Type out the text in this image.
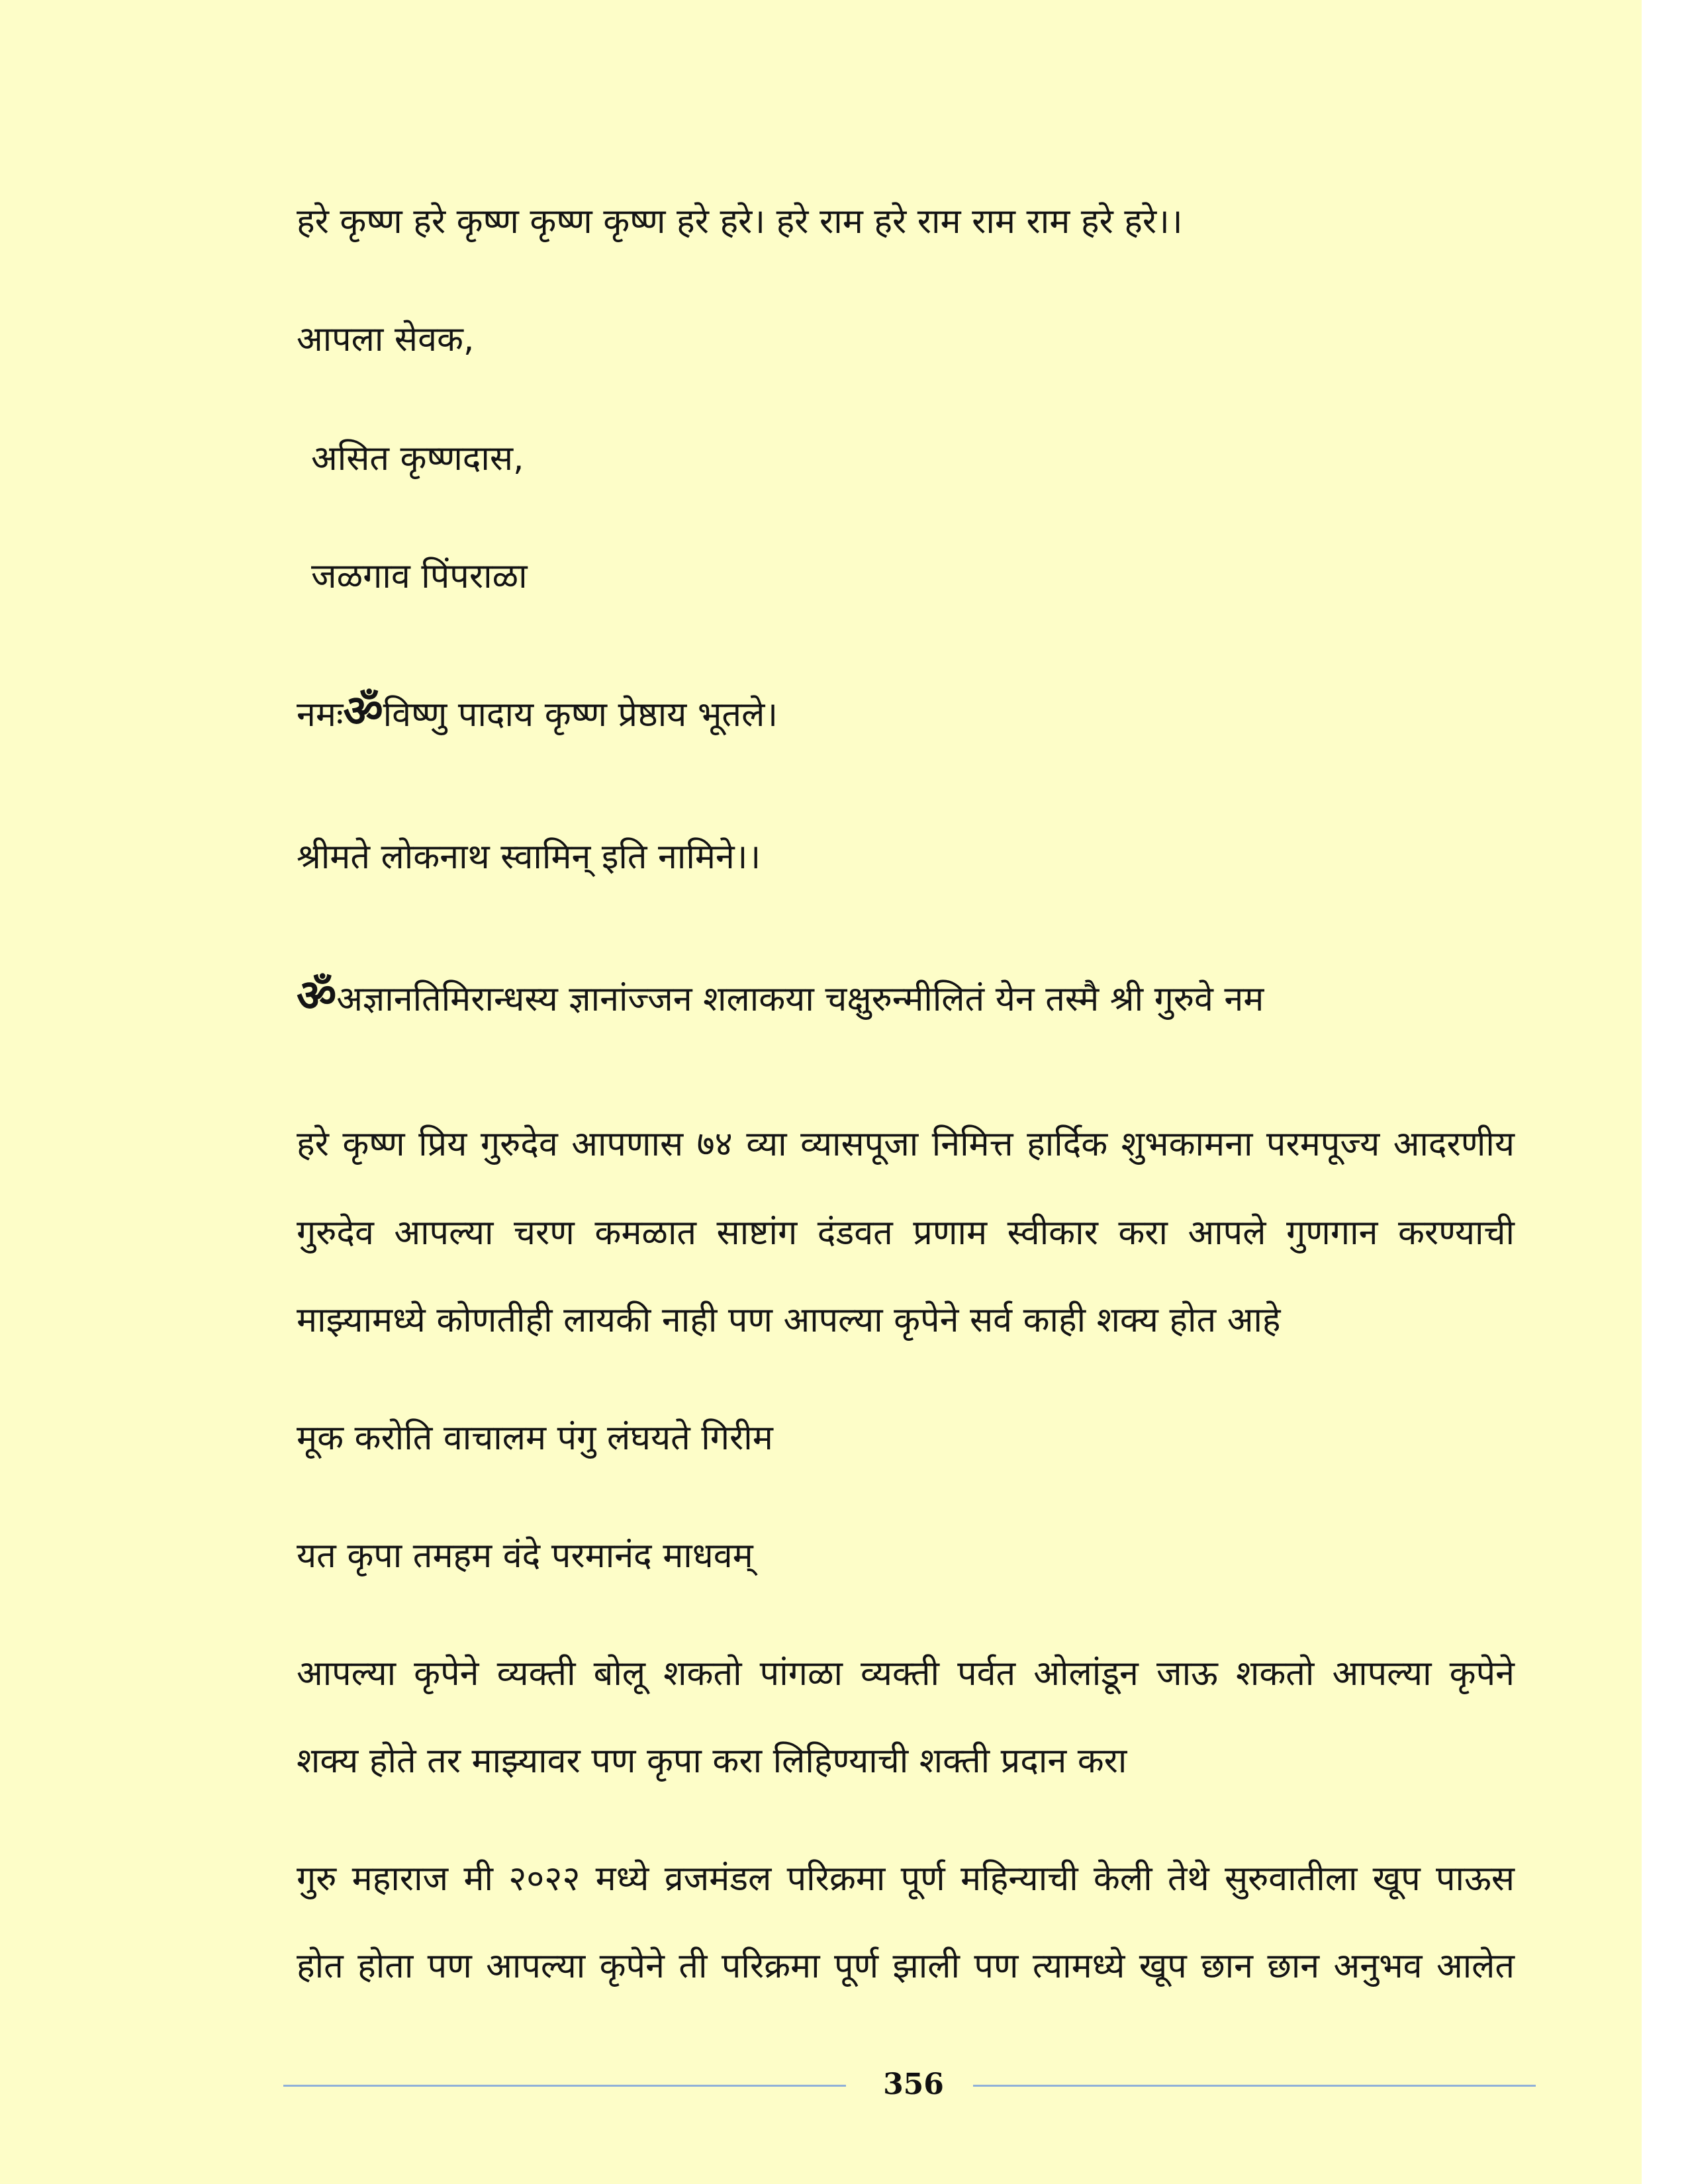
हरे कृष्ण हरे कृष्ण कृष्ण कृष्ण हरे हरे। हरे राम हरे राम राम राम हरे हरे।।
आपला सेवक,
असित कृष्णदास,
जळगाव पिंपराळा
नमःॐविष्णु पादाय कृष्ण प्रेष्ठाय भूतले।
श्रीमते लोकनाथ स्वामिन् इति नामिने।।
ॐअज्ञानतिमिरान्धस्य ज्ञानांज्जन शलाकया चक्षुरुन्मीलितं येन तस्मै श्री गुरुवे नम
हरे कृष्ण प्रिय गुरुदेव आपणास ७४ व्या व्यासपूजा निमित्त हार्दिक शुभकामना परमपूज्य आदरणीय
गुरुदेव आपल्या चरण कमळात साष्टांग दंडवत प्रणाम स्वीकार करा आपले गुणगान करण्याची
माझ्यामध्ये कोणतीही लायकी नाही पण आपल्या कृपेने सर्व काही शक्य होत आहे
मूक करोति वाचालम पंगु लंघयते गिरीम
यत कृपा तमहम वंदे परमानंद माधवम्
आपल्या कृपेने व्यक्ती बोलू शकतो पांगळा व्यक्ती पर्वत ओलांडून जाऊ शकतो आपल्या कृपेने
शक्य होते तर माझ्यावर पण कृपा करा लिहिण्याची शक्ती प्रदान करा
गुरु महाराज मी २०२२ मध्ये व्रजमंडल परिक्रमा पूर्ण महिन्याची केली तेथे सुरुवातीला खूप पाऊस
होत होता पण आपल्या कृपेने ती परिक्रमा पूर्ण झाली पण त्यामध्ये खूप छान छान अनुभव आलेत
356
